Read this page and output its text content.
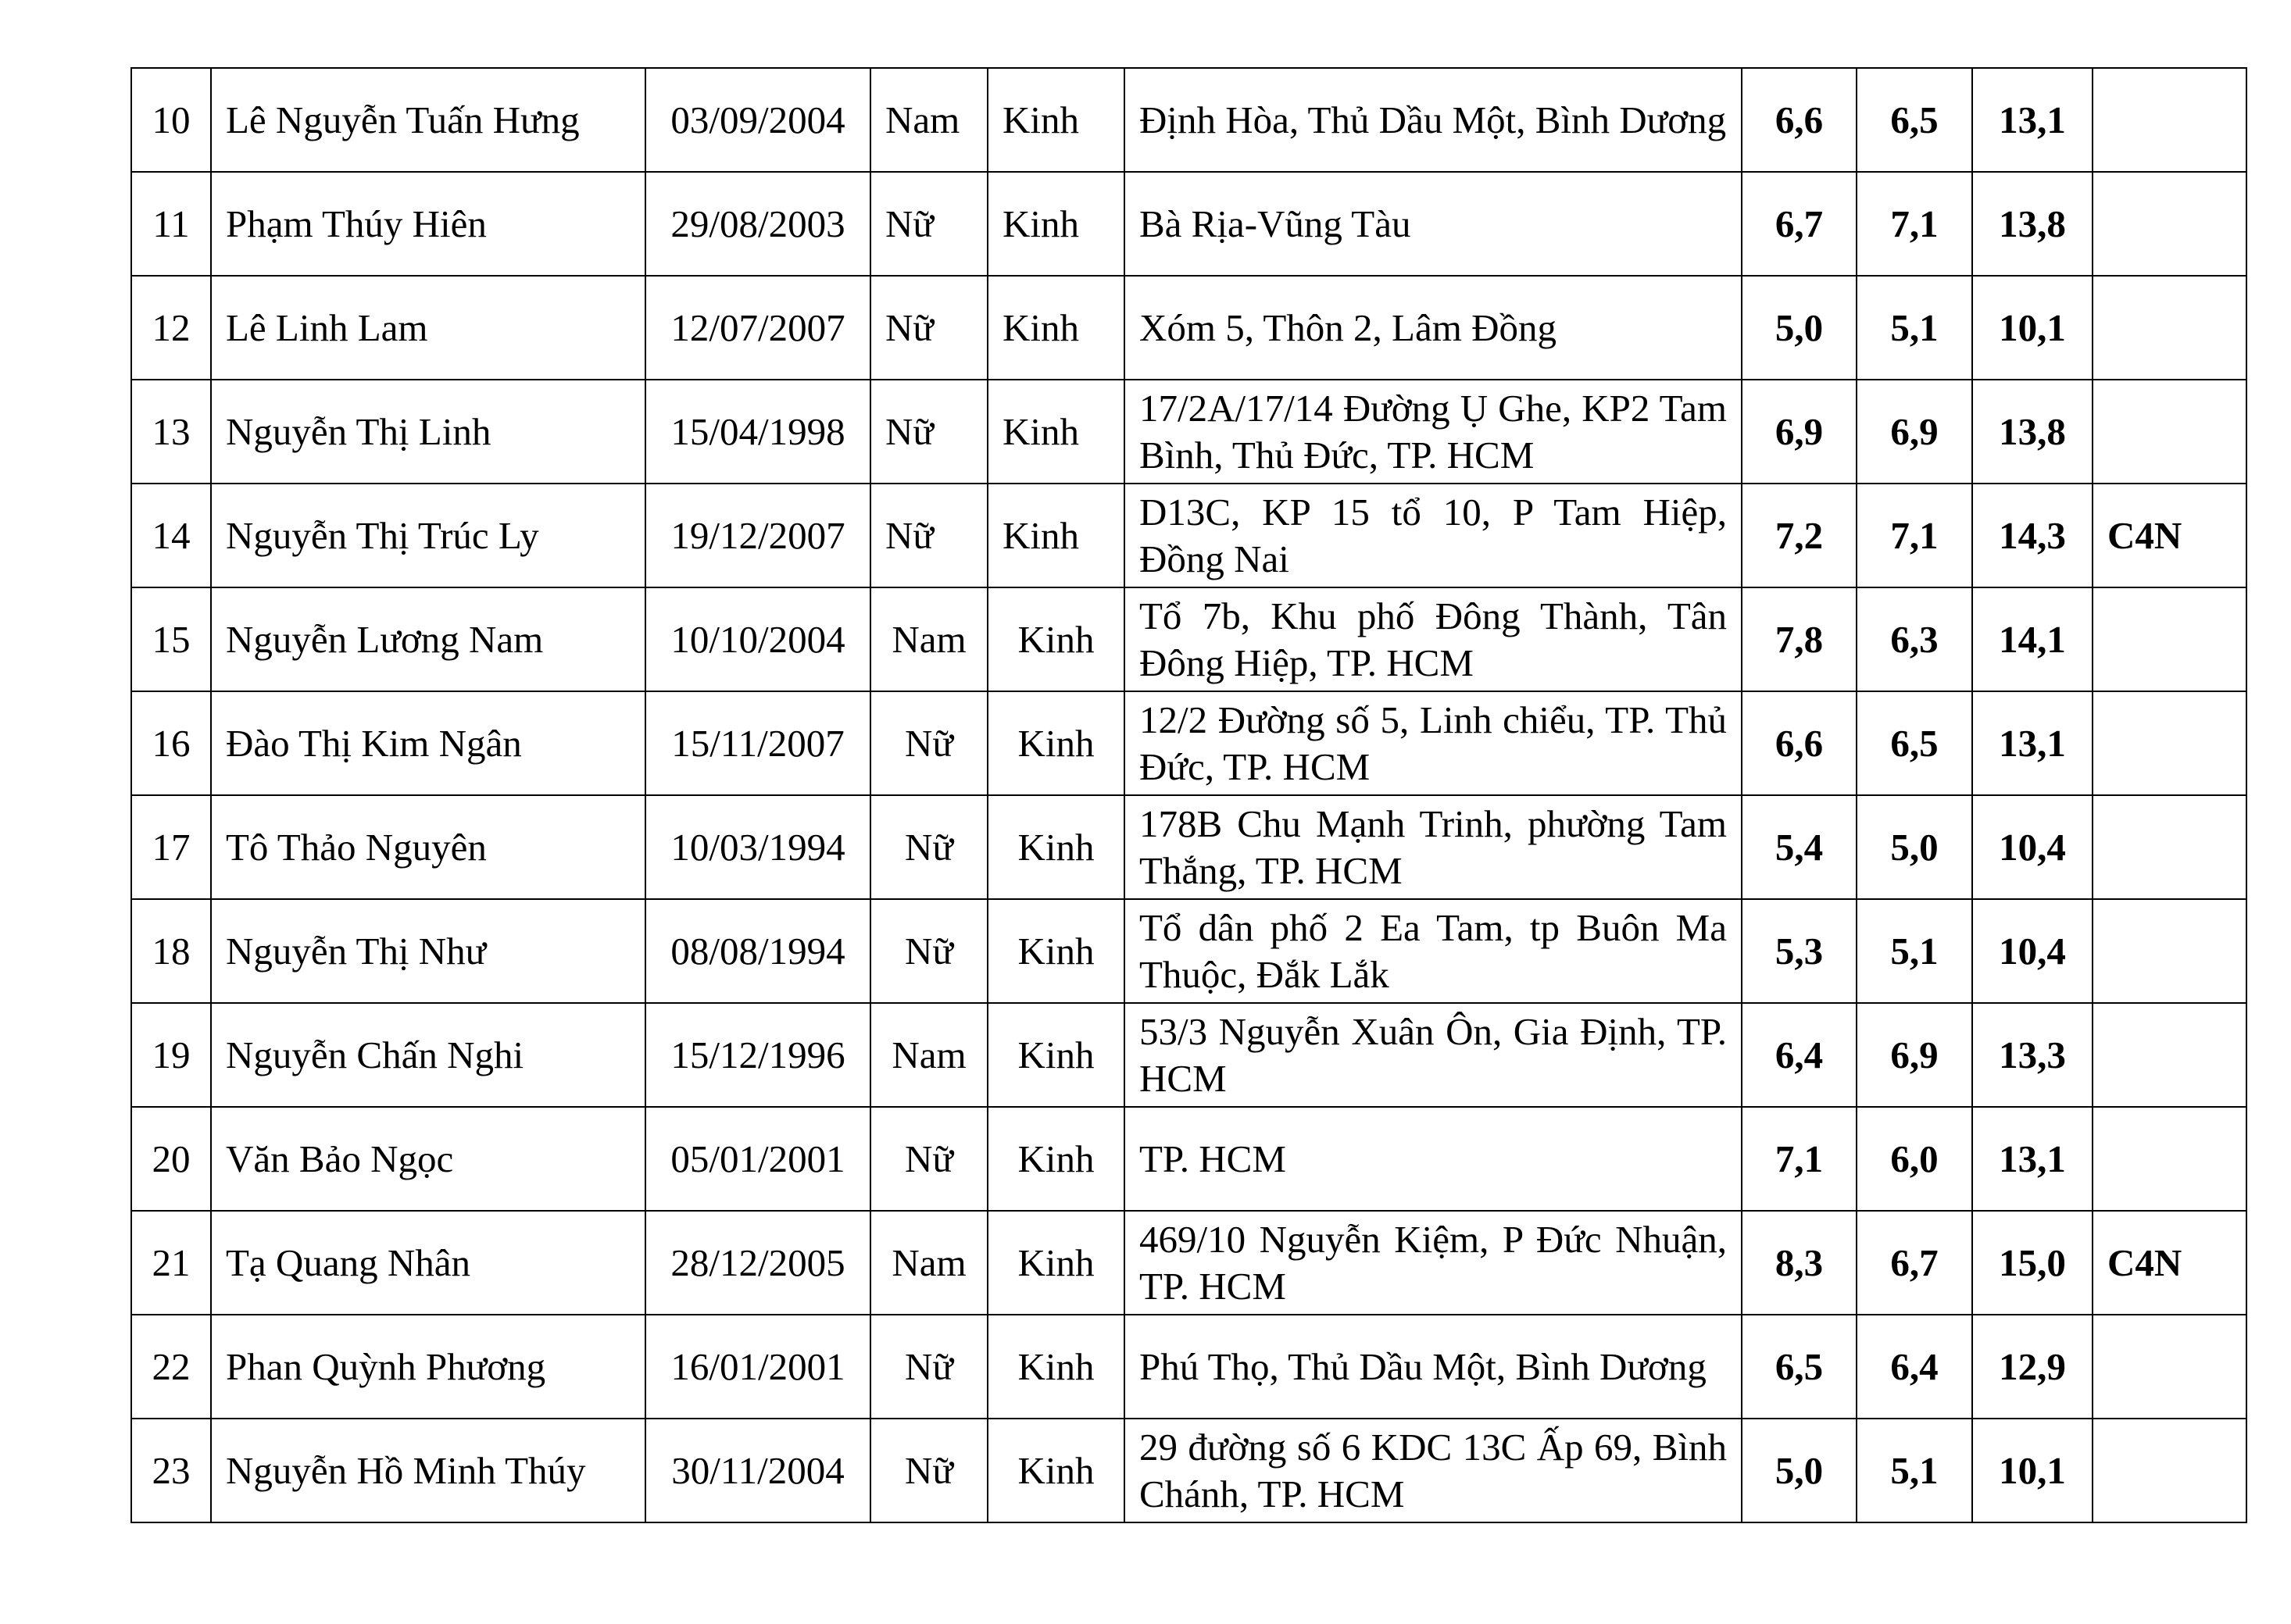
10	Lê Nguyễn Tuấn Hưng	03/09/2004	Nam	Kinh	Định Hòa, Thủ Dầu Một, Bình Dương	6,6	6,5	13,1	
11	Phạm Thúy Hiên	29/08/2003	Nữ	Kinh	Bà Rịa-Vũng Tàu	6,7	7,1	13,8	
12	Lê Linh Lam	12/07/2007	Nữ	Kinh	Xóm 5, Thôn 2, Lâm Đồng	5,0	5,1	10,1	
13	Nguyễn Thị Linh	15/04/1998	Nữ	Kinh	17/2A/17/14 Đường Ụ Ghe, KP2 Tam Bình, Thủ Đức, TP. HCM	6,9	6,9	13,8	
14	Nguyễn Thị Trúc Ly	19/12/2007	Nữ	Kinh	D13C, KP 15 tổ 10, P Tam Hiệp, Đồng Nai	7,2	7,1	14,3	C4N
15	Nguyễn Lương Nam	10/10/2004	Nam	Kinh	Tổ 7b, Khu phố Đông Thành, Tân Đông Hiệp, TP. HCM	7,8	6,3	14,1	
16	Đào Thị Kim Ngân	15/11/2007	Nữ	Kinh	12/2 Đường số 5, Linh chiểu, TP. Thủ Đức, TP. HCM	6,6	6,5	13,1	
17	Tô Thảo Nguyên	10/03/1994	Nữ	Kinh	178B Chu Mạnh Trinh, phường Tam Thắng, TP. HCM	5,4	5,0	10,4	
18	Nguyễn Thị Như	08/08/1994	Nữ	Kinh	Tổ dân phố 2 Ea Tam, tp Buôn Ma Thuộc, Đắk Lắk	5,3	5,1	10,4	
19	Nguyễn Chấn Nghi	15/12/1996	Nam	Kinh	53/3 Nguyễn Xuân Ôn, Gia Định, TP. HCM	6,4	6,9	13,3	
20	Văn Bảo Ngọc	05/01/2001	Nữ	Kinh	TP. HCM	7,1	6,0	13,1	
21	Tạ Quang Nhân	28/12/2005	Nam	Kinh	469/10 Nguyễn Kiệm, P Đức Nhuận, TP. HCM	8,3	6,7	15,0	C4N
22	Phan Quỳnh Phương	16/01/2001	Nữ	Kinh	Phú Thọ, Thủ Dầu Một, Bình Dương	6,5	6,4	12,9	
23	Nguyễn Hồ Minh Thúy	30/11/2004	Nữ	Kinh	29 đường số 6 KDC 13C Ấp 69, Bình Chánh, TP. HCM	5,0	5,1	10,1	
